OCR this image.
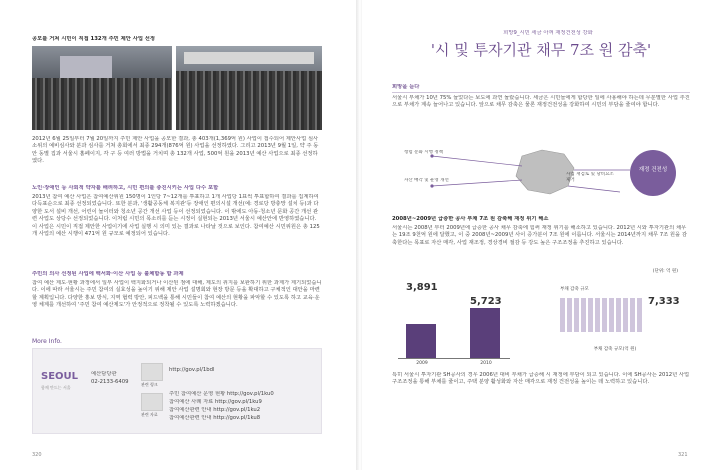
공모를 거쳐 시민이 직접 132개 주민 제안 사업 선정
2012년 6월 25일부터 7월 20일까지 주민 제안 사업을 공모한 결과, 총 403개(1,369억 원) 사업이 접수되어 제안사업 심사소위의 예비심사와 분과 심사를 거쳐 총회에서 최종 294개(876억 원) 사업을 선정하였다. 그리고 2013년 9월 1일, 약 주 동안 동별 집과 서울시 홈페이지, 각 구 등 여러 방법을 거치며 총 132개 사업, 500억 원을 2013년 예산 사업으로 최종 선정하였다.
노인·장애인 등 사회적 약자를 배려하고, 시민 편의를 증진시키는 사업 다수 포함
2013년 참여 예산 사업은 참여예산위원 150명이 1인당 7~12개를 투표하고 1개 사업당 1표씩 투표합하여 결과를 집계하여 다득표순으로 최종 선정되었습니다. 또한 분과, '생활공동체 복지관'등 장애인 편의시설 개선(예: 경로당 방충망 설치 등)과 다양한 도서 설비 개선, 어린이 놀이터와 청소년 공간 개선 사업 등이 선정되었습니다. 이 밖에도 아동·청소년 문화 공간 개선 관련 사업도 상당수 선정되었습니다. 이처럼 시민의 목소리를 듣는 시정이 실현되는 2013년 서울시 예산안에 반영하였습니다. 이 사업은 시민이 직접 제안한 사업이기에 사업 실행 시 의미 있는 결과로 나타날 것으로 보인다. 참여예산 시민위원은 총 125개 사업의 예산 시행이 471억 원 규모로 예정되어 있습니다.
주민의 의사 선정된 사업에 백서화·이산 사업 등 불체합동 합 과제
참여 예산 제도·현황 과정에서 일부 사업이 백지화되거나 이산된 점에 대해, 제도의 취지를 보완하기 위한 과제가 제기되었습니다. 이에 따라 서울시는 주민 참여의 실효성을 높이기 위해 제안 사업 설명회와 현장 방문 등을 확대하고 구체적인 대안을 마련할 계획입니다. 다양한 홍보 방식, 지역 협력 방안, 피드백을 통해 시민들이 참여 예산의 현황을 파악할 수 있도록 하고 교육·운영 체계를 개선하여 '주민 참여 예산제도'가 안정적으로 정착될 수 있도록 노력하겠습니다.
More Info.
SEOUL
함께 만드는 서울
예산담당관
02-2133-6409	관련 링크
http://gov.pl/1bdl
관련 자료
주민 참여예산 운영 현황 http://gov.pl/1ku0
참여예산 사례 자료 http://gov.pl/1ku9
참여예산관련 안내 http://gov.pl/1ku2
참여예산관련 안내 http://gov.pl/1ku8
320
희망9_시민 세금 아껴 재정건전성 강화
'시 및 투자기관 채무 7조 원 감축'
희망을 듣다
서울시 부채가 10년 75% 늘었다는 보도에 과연 놀랐습니다. 세금은 시민들에게 합당한 일에 사용해야 하는데 무분별한 사업 추진으로 부채가 계속 늘어나고 있습니다. 앞으로 채무 감축은 물론 재정건전성을 강화하여 시민의 부담을 줄여야 합니다.
청렴 문화 시행 정책
자산 매각 및 운영 개선
사업 재검토 및 낭비요소 제거
재정 건전성
2008년~2009년 급증한 공사 부채 7조 원 감축해 재정 위기 해소
서울시는 2008년 부터 2009년에 급증한 공사 채무 감축에 힘써 재정 위기를 해소하고 있습니다. 2012년 시와 투자기관의 채무는 19조 9천억 원에 달했고, 이 중 2008년~2009년 사이 증가분이 7조 원에 이릅니다. 서울시는 2014년까지 채무 7조 원을 감축한다는 목표로 자산 매각, 사업 재조정, 경상경비 절감 등 강도 높은 구조조정을 추진하고 있습니다.
(단위: 억 원)
3,891
5,723
2009	2010
부채 감축 규모
7,333
부채 감축 규모(억 원)
특히 서울시 투자기관 SH공사의 경우 2006년 대비 부채가 급증해 시 재정에 부담이 되고 있습니다. 이에 SH공사는 2012년 사업 구조조정을 통해 부채를 줄이고, 주택 분양 활성화와 자산 매각으로 재정 건전성을 높이는 데 노력하고 있습니다.
321
